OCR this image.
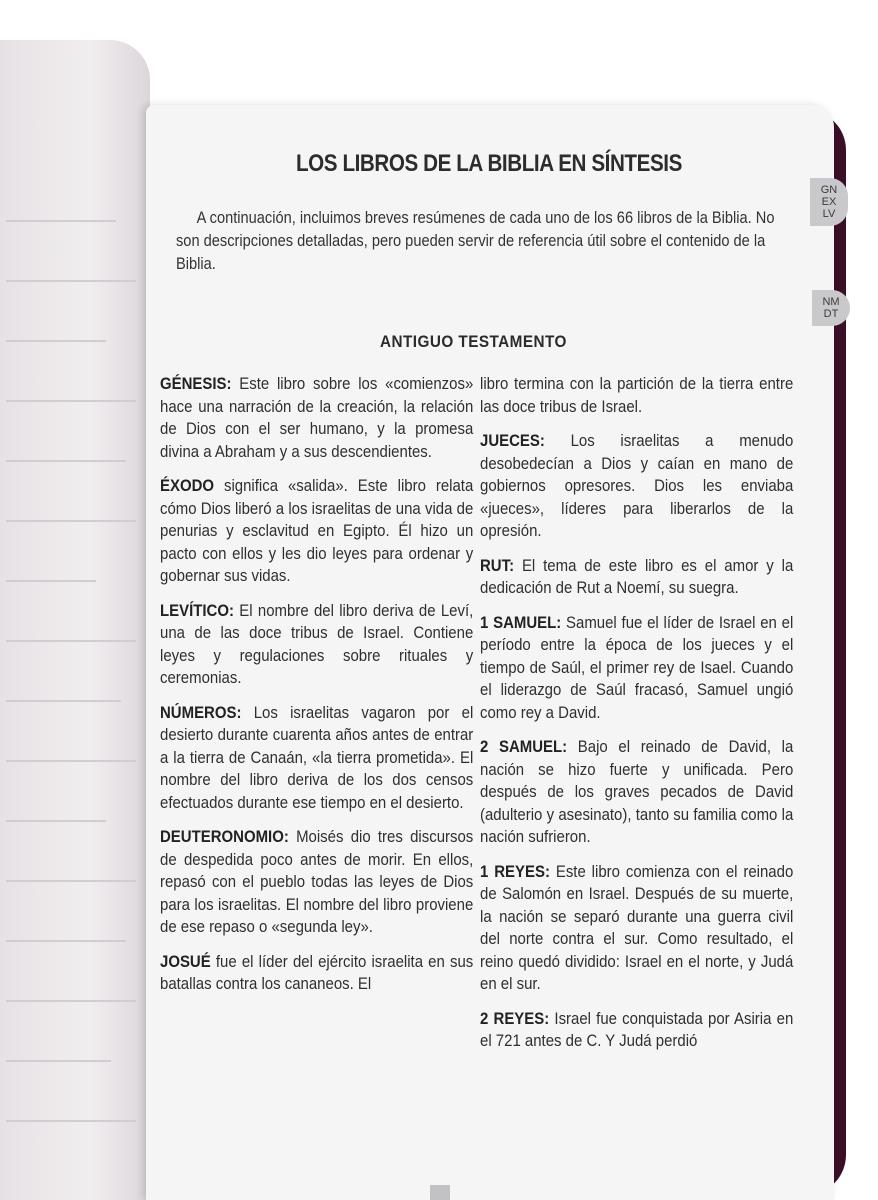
GN
EX
LV
NM
DT
LOS LIBROS DE LA BIBLIA EN SÍNTESIS
A continuación, incluimos breves resúmenes de cada uno de los 66 libros de la Biblia. No son descripciones detalladas, pero pueden servir de referencia útil sobre el contenido de la Biblia.
ANTIGUO TESTAMENTO

GÉNESIS: Este libro sobre los «comienzos» hace una narración de la creación, la relación de Dios con el ser humano, y la promesa divina a Abraham y a sus descendientes.

ÉXODO significa «salida». Este libro relata cómo Dios liberó a los israelitas de una vida de penurias y esclavitud en Egipto. Él hizo un pacto con ellos y les dio leyes para ordenar y gobernar sus vidas.

LEVÍTICO: El nombre del libro deriva de Leví, una de las doce tribus de Israel. Contiene leyes y regulaciones sobre rituales y ceremonias.

NÚMEROS: Los israelitas vagaron por el desierto durante cuarenta años antes de entrar a la tierra de Canaán, «la tierra prometida». El nombre del libro deriva de los dos censos efectuados durante ese tiempo en el desierto.

DEUTERONOMIO: Moisés dio tres discursos de despedida poco antes de morir. En ellos, repasó con el pueblo todas las leyes de Dios para los israelitas. El nombre del libro proviene de ese repaso o «segunda ley».

JOSUÉ fue el líder del ejército israelita en sus batallas contra los cananeos. El

libro termina con la partición de la tierra entre las doce tribus de Israel.

JUECES: Los israelitas a menudo desobedecían a Dios y caían en mano de gobiernos opresores. Dios les enviaba «jueces», líderes para liberarlos de la opresión.

RUT: El tema de este libro es el amor y la dedicación de Rut a Noemí, su suegra.

1 SAMUEL: Samuel fue el líder de Israel en el período entre la época de los jueces y el tiempo de Saúl, el primer rey de Isael. Cuando el liderazgo de Saúl fracasó, Samuel ungió como rey a David.

2 SAMUEL: Bajo el reinado de David, la nación se hizo fuerte y unificada. Pero después de los graves pecados de David (adulterio y asesinato), tanto su familia como la nación sufrieron.

1 REYES: Este libro comienza con el reinado de Salomón en Israel. Después de su muerte, la nación se separó durante una guerra civil del norte contra el sur. Como resultado, el reino quedó dividido: Israel en el norte, y Judá en el sur.

2 REYES: Israel fue conquistada por Asiria en el 721 antes de C. Y Judá perdió
